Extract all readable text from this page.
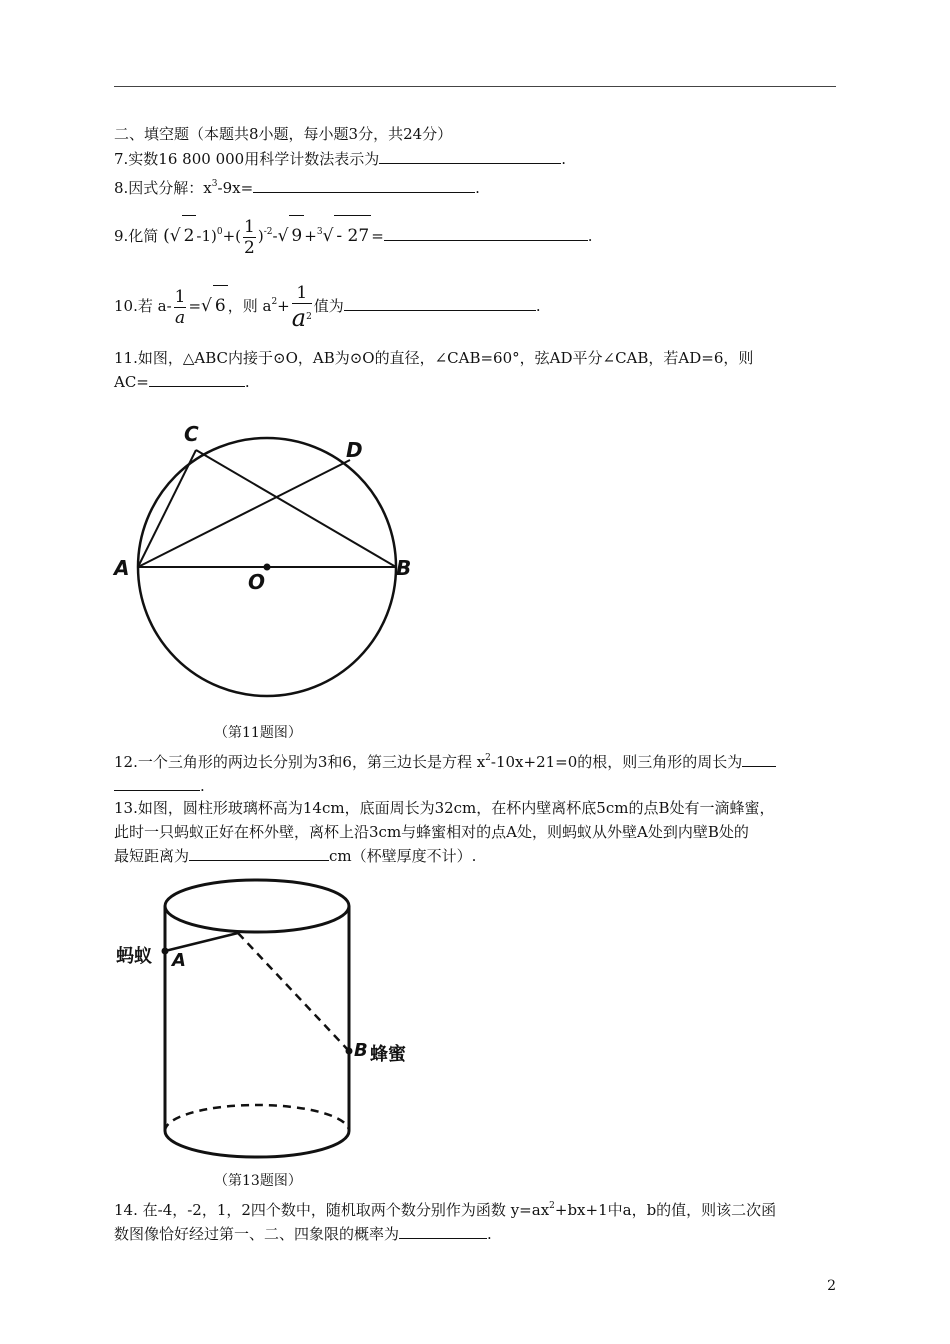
二、填空题（本题共8小题，每小题3分，共24分）
7.实数16 800 000用科学计数法表示为	.
8.因式分解：$x^3-9x=$	.
9.化简 (√ 2 $-1)^0+( \frac{1}{2} )^{-2}-√$ 9 +$^3$√ - 27 =	.
10.若 $a- \frac{1}{a}$ =√ 6 ，则 $a^2+ \frac{1}{a^2}$ 值为	.
11.如图，△ABC内接于⊙O，AB为⊙O的直径，∠CAB=60°，弦AD平分∠CAB，若AD=6，则
AC=	.
A	B
C
D
O
（第11题图）
12.一个三角形的两边长分别为3和6，第三边长是方程 $x^2-10x+21=0$的根，则三角形的周长为
.
13.如图，圆柱形玻璃杯高为14cm，底面周长为32cm，在杯内壁离杯底5cm的点B处有一滴蜂蜜，
此时一只蚂蚁正好在杯外壁，离杯上沿3cm与蜂蜜相对的点A处，则蚂蚁从外壁A处到内壁B处的
最短距离为	cm（杯壁厚度不计）.
蚂蚁 A
B 蜂蜜
（第13题图）
14. 在-4，-2，1，2四个数中，随机取两个数分别作为函数 $y=ax^2+bx+1$中a，b的值，则该二次函
数图像恰好经过第一、二、四象限的概率为	.
2
